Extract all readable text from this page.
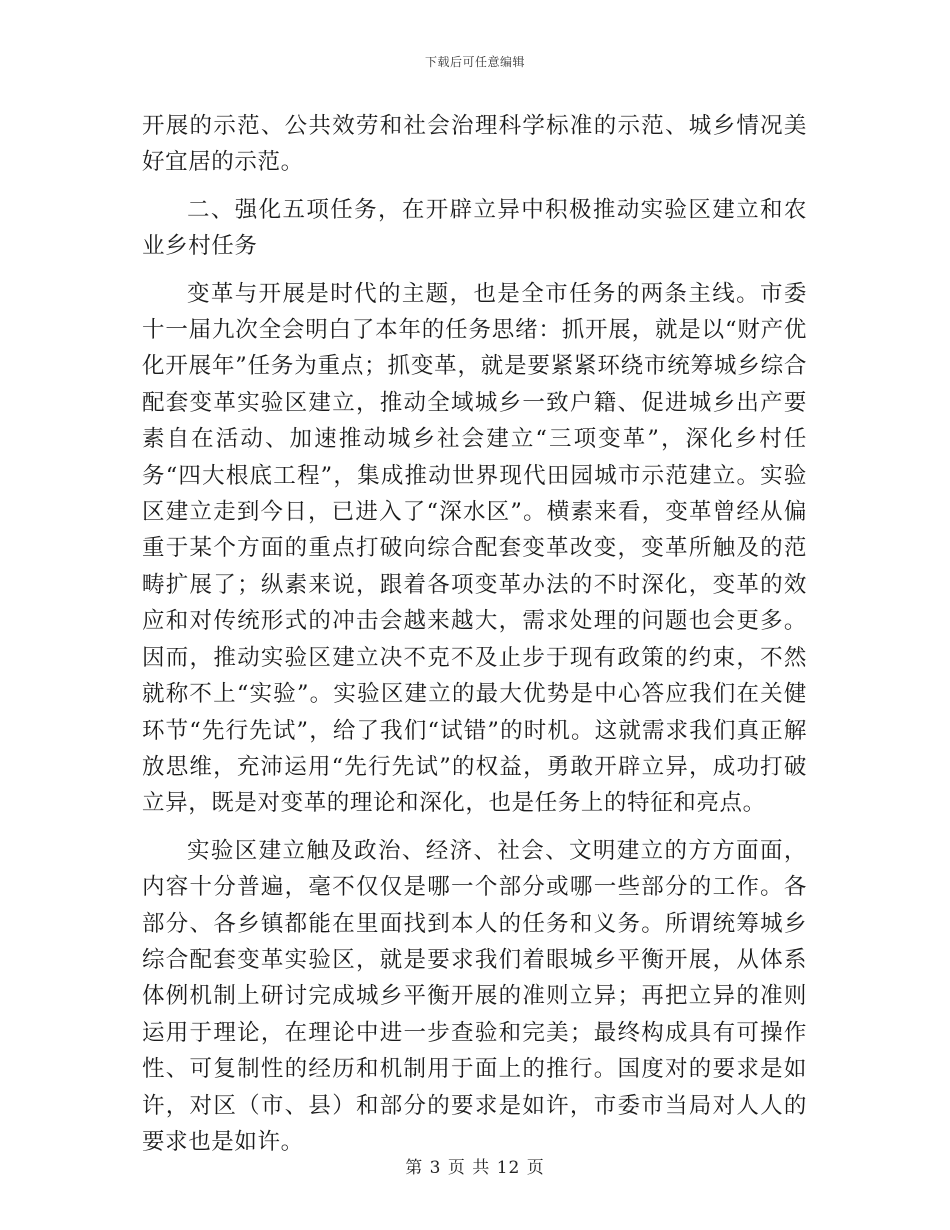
下载后可任意编辑

开展的示范、公共效劳和社会治理科学标准的示范、城乡情况美好宜居的示范。

二、强化五项任务，在开辟立异中积极推动实验区建立和农业乡村任务

变革与开展是时代的主题，也是全市任务的两条主线。市委十一届九次全会明白了本年的任务思绪：抓开展，就是以“财产优化开展年”任务为重点；抓变革，就是要紧紧环绕市统筹城乡综合配套变革实验区建立，推动全域城乡一致户籍、促进城乡出产要素自在活动、加速推动城乡社会建立“三项变革”，深化乡村任务“四大根底工程”，集成推动世界现代田园城市示范建立。实验区建立走到今日，已进入了“深水区”。横素来看，变革曾经从偏重于某个方面的重点打破向综合配套变革改变，变革所触及的范畴扩展了；纵素来说，跟着各项变革办法的不时深化，变革的效应和对传统形式的冲击会越来越大，需求处理的问题也会更多。因而，推动实验区建立决不克不及止步于现有政策的约束，不然就称不上“实验”。实验区建立的最大优势是中心答应我们在关健环节“先行先试”，给了我们“试错”的时机。这就需求我们真正解放思维，充沛运用“先行先试”的权益，勇敢开辟立异，成功打破立异，既是对变革的理论和深化，也是任务上的特征和亮点。

实验区建立触及政治、经济、社会、文明建立的方方面面，内容十分普遍，毫不仅仅是哪一个部分或哪一些部分的工作。各部分、各乡镇都能在里面找到本人的任务和义务。所谓统筹城乡综合配套变革实验区，就是要求我们着眼城乡平衡开展，从体系体例机制上研讨完成城乡平衡开展的准则立异；再把立异的准则运用于理论，在理论中进一步查验和完美；最终构成具有可操作性、可复制性的经历和机制用于面上的推行。国度对的要求是如许，对区（市、县）和部分的要求是如许，市委市当局对人人的要求也是如许。

第 3 页 共 12 页
